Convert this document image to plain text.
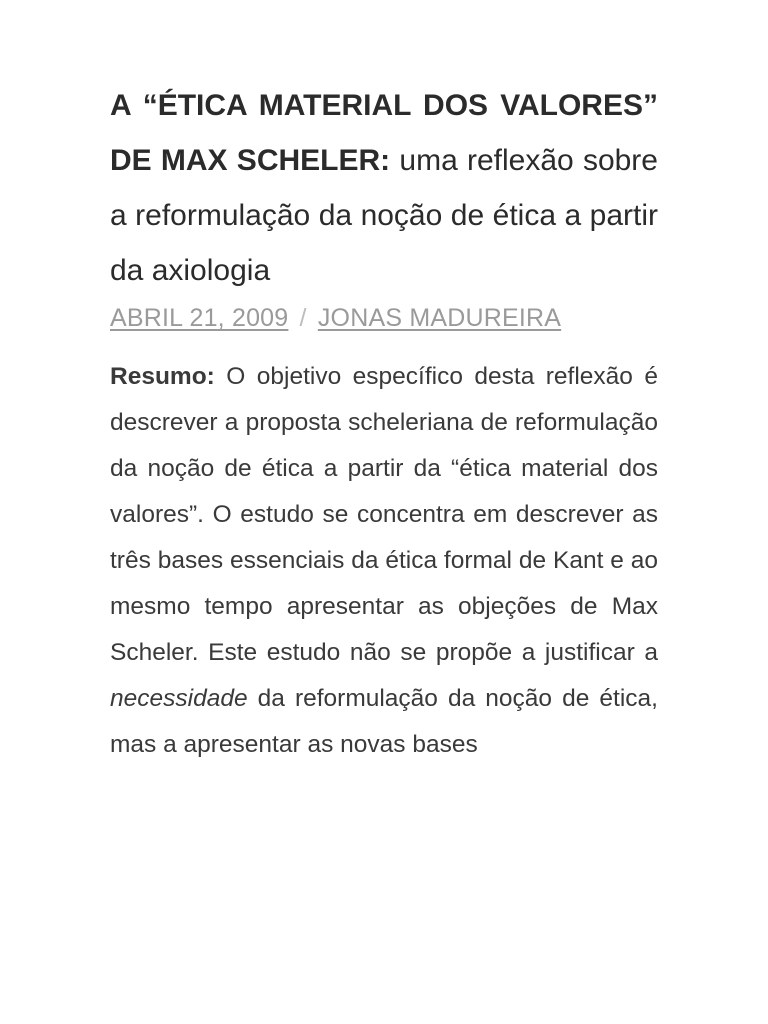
A “ÉTICA MATERIAL DOS VALORES” DE MAX SCHELER: uma reflexão sobre a reformulação da noção de ética a partir da axiologia
ABRIL 21, 2009 / JONAS MADUREIRA

Resumo: O objetivo específico desta reflexão é descrever a proposta scheleriana de reformulação da noção de ética a partir da “ética material dos valores”. O estudo se concentra em descrever as três bases essenciais da ética formal de Kant e ao mesmo tempo apresentar as objeções de Max Scheler. Este estudo não se propõe a justificar a necessidade da reformulação da noção de ética, mas a apresentar as novas bases
